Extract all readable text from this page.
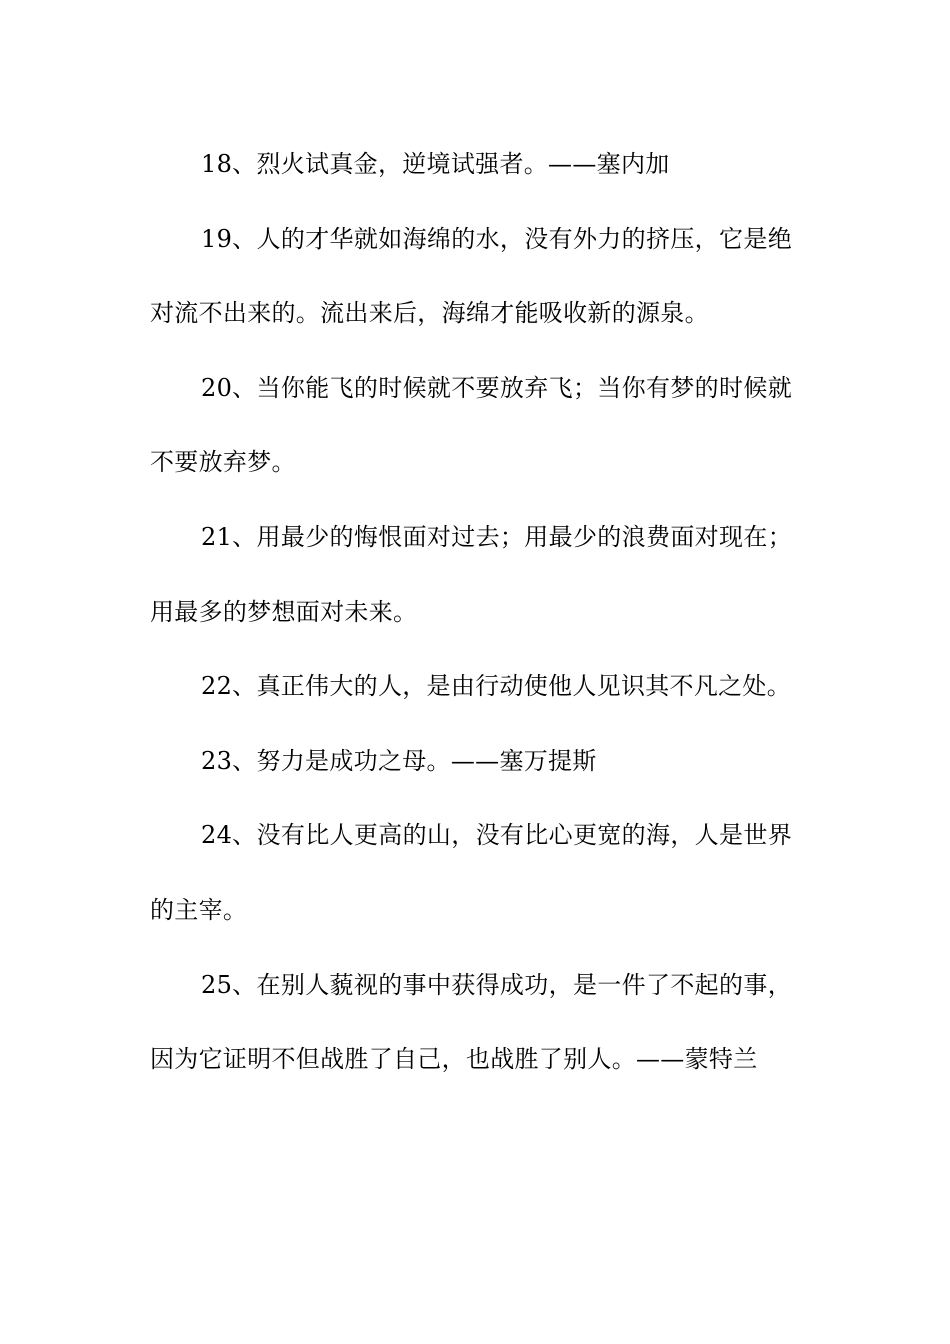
18、烈火试真金，逆境试强者。——塞内加

19、人的才华就如海绵的水，没有外力的挤压，它是绝对流不出来的。流出来后，海绵才能吸收新的源泉。

20、当你能飞的时候就不要放弃飞；当你有梦的时候就不要放弃梦。

21、用最少的悔恨面对过去；用最少的浪费面对现在；用最多的梦想面对未来。

22、真正伟大的人，是由行动使他人见识其不凡之处。

23、努力是成功之母。——塞万提斯

24、没有比人更高的山，没有比心更宽的海，人是世界的主宰。

25、在别人藐视的事中获得成功，是一件了不起的事，因为它证明不但战胜了自己，也战胜了别人。——蒙特兰
